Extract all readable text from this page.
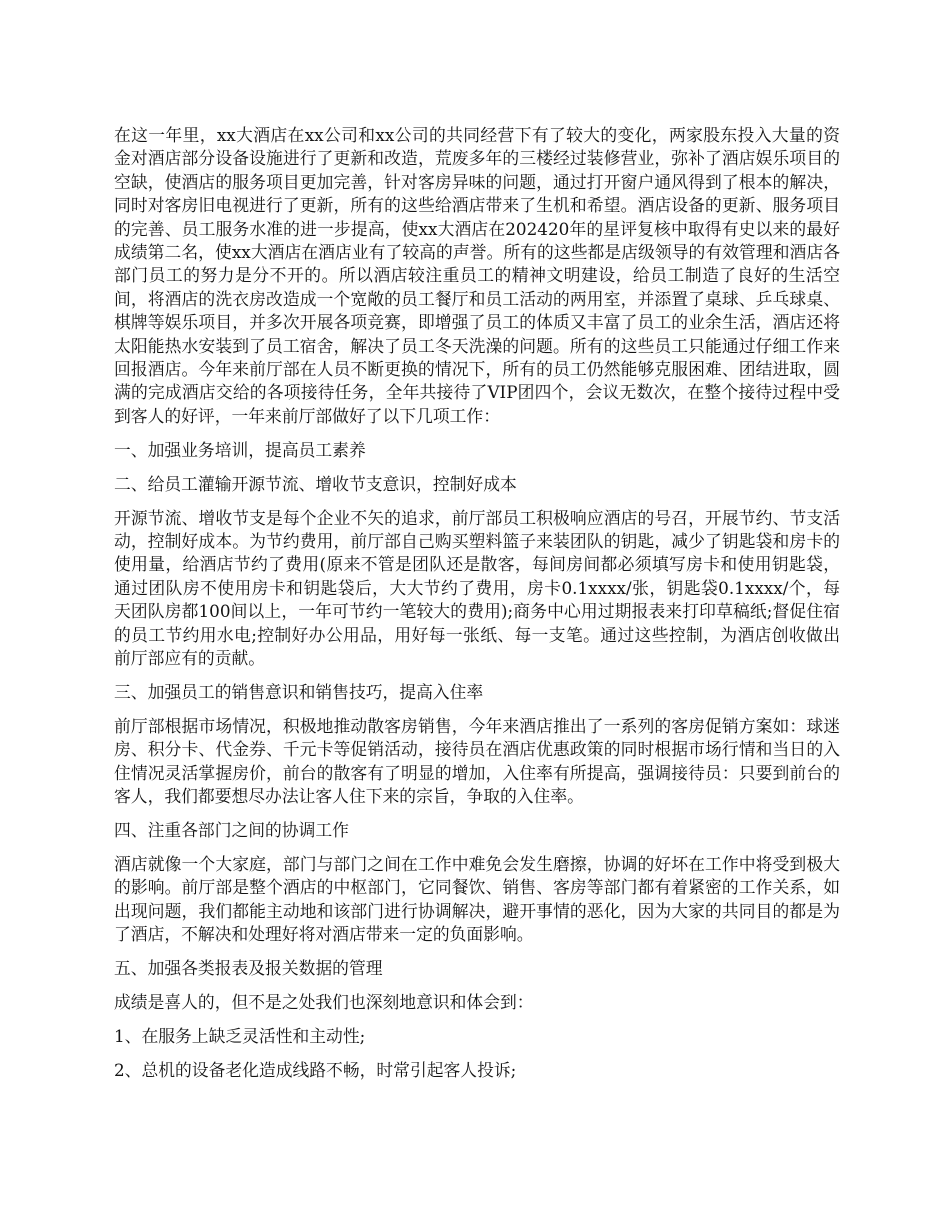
在这一年里，xx大酒店在xx公司和xx公司的共同经营下有了较大的变化，两家股东投入大量的资金对酒店部分设备设施进行了更新和改造，荒废多年的三楼经过装修营业，弥补了酒店娱乐项目的空缺，使酒店的服务项目更加完善，针对客房异味的问题，通过打开窗户通风得到了根本的解决，同时对客房旧电视进行了更新，所有的这些给酒店带来了生机和希望。酒店设备的更新、服务项目的完善、员工服务水准的进一步提高，使xx大酒店在202420年的星评复核中取得有史以来的最好成绩第二名，使xx大酒店在酒店业有了较高的声誉。所有的这些都是店级领导的有效管理和酒店各部门员工的努力是分不开的。所以酒店较注重员工的精神文明建设，给员工制造了良好的生活空间，将酒店的洗衣房改造成一个宽敞的员工餐厅和员工活动的两用室，并添置了桌球、乒乓球桌、棋牌等娱乐项目，并多次开展各项竞赛，即增强了员工的体质又丰富了员工的业余生活，酒店还将太阳能热水安装到了员工宿舍，解决了员工冬天洗澡的问题。所有的这些员工只能通过仔细工作来回报酒店。今年来前厅部在人员不断更换的情况下，所有的员工仍然能够克服困难、团结进取，圆满的完成酒店交给的各项接待任务，全年共接待了VIP团四个，会议无数次，在整个接待过程中受到客人的好评，一年来前厅部做好了以下几项工作：

一、加强业务培训，提高员工素养

二、给员工灌输开源节流、增收节支意识，控制好成本

开源节流、增收节支是每个企业不矢的追求，前厅部员工积极响应酒店的号召，开展节约、节支活动，控制好成本。为节约费用，前厅部自己购买塑料篮子来装团队的钥匙，减少了钥匙袋和房卡的使用量，给酒店节约了费用(原来不管是团队还是散客，每间房间都必须填写房卡和使用钥匙袋，通过团队房不使用房卡和钥匙袋后，大大节约了费用，房卡0.1xxxx/张，钥匙袋0.1xxxx/个，每天团队房都100间以上，一年可节约一笔较大的费用);商务中心用过期报表来打印草稿纸;督促住宿的员工节约用水电;控制好办公用品，用好每一张纸、每一支笔。通过这些控制，为酒店创收做出前厅部应有的贡献。

三、加强员工的销售意识和销售技巧，提高入住率

前厅部根据市场情况，积极地推动散客房销售，今年来酒店推出了一系列的客房促销方案如：球迷房、积分卡、代金券、千元卡等促销活动，接待员在酒店优惠政策的同时根据市场行情和当日的入住情况灵活掌握房价，前台的散客有了明显的增加，入住率有所提高，强调接待员：只要到前台的客人，我们都要想尽办法让客人住下来的宗旨，争取的入住率。

四、注重各部门之间的协调工作

酒店就像一个大家庭，部门与部门之间在工作中难免会发生磨擦，协调的好坏在工作中将受到极大的影响。前厅部是整个酒店的中枢部门，它同餐饮、销售、客房等部门都有着紧密的工作关系，如出现问题，我们都能主动地和该部门进行协调解决，避开事情的恶化，因为大家的共同目的都是为了酒店，不解决和处理好将对酒店带来一定的负面影响。

五、加强各类报表及报关数据的管理

成绩是喜人的，但不是之处我们也深刻地意识和体会到：

1、在服务上缺乏灵活性和主动性;

2、总机的设备老化造成线路不畅，时常引起客人投诉;
